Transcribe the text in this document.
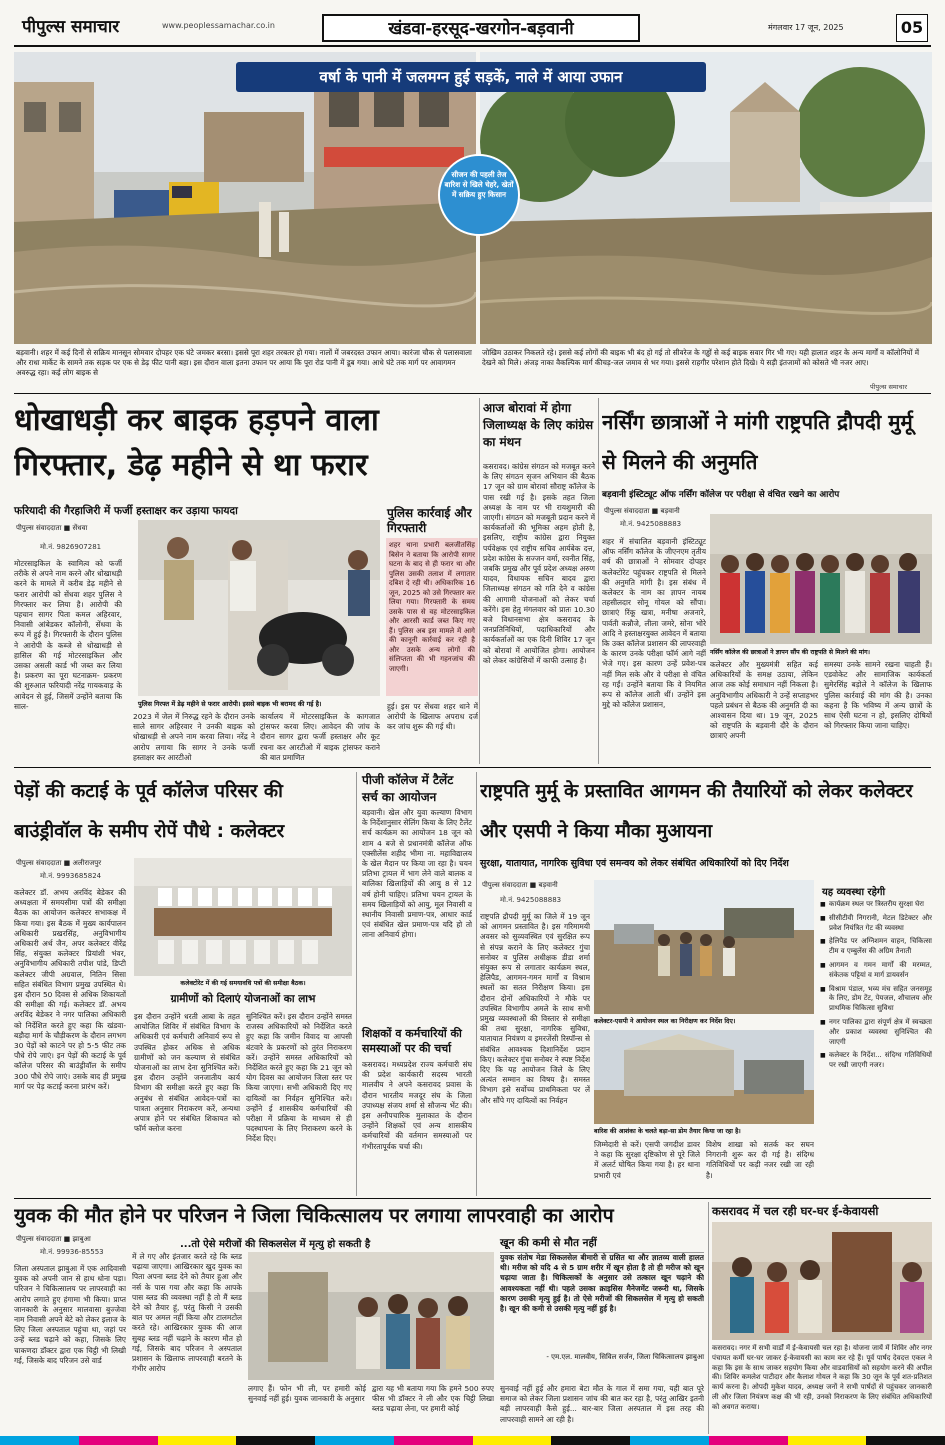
पीपुल्स समाचार	www.peoplessamachar.co.in	खंडवा-हरसूद-खरगोन-बड़वानी	मंगलवार 17 जून, 2025	05
वर्षा के पानी में जलमग्न हुई सड़कें, नाले में आया उफान
सीजन की पहली तेज बारिश से खिले चेहरे, खेतों में सक्रिय हुए किसान
बड़वानी। शहर में कई दिनों से सक्रिय मानसून सोमवार दोपहर एक घंटे जमकर बरसा। इससे पूरा शहर तरबतर हो गया। नालों में जबरदस्त उफान आया। कारंजा चौक से पलासवाला और राधा मार्केट के सामने तक सड़क पर एक से डेढ़ फीट पानी बहा। इस दौरान वाला इतना उफान पर आया कि पूरा रोड पानी में डूब गया। आधे घंटे तक मार्ग पर आवागमन अवरुद्ध रहा। कई लोग बाइक से
जोखिम उठाकर निकलते रहे। इससे कई लोगों की बाइक भी बंद हो गई तो सीवरेज के गड्ढों से कई बाइक सवार गिर भी गए। यही हालात शहर के अन्य मार्गों व कॉलोनियों में देखने को मिले। अंजड़ नाका वैकल्पिक मार्ग कीचड़-जल जमाव से भर गया। इससे राहगीर परेशान होते दिखे। ये सड़ी इंतजामों को कोसते भी नजर आए।
पीपुल्स समाचार
धोखाधड़ी कर बाइक हड़पने वाला गिरफ्तार, डेढ़ महीने से था फरार
फरियादी की गैरहाजिरी में फर्जी हस्ताक्षर कर उड़ाया फायदा
पीपुल्स संवाददाता ■ सेंधवा
मो.नं. 9826907281
मोटरसाइकिल के स्वामित्व को फर्जी तरीके से अपने नाम करने और धोखाधड़ी करने के मामले में करीब डेढ़ महीने से फरार आरोपी को सेंधवा शहर पुलिस ने गिरफ्तार कर लिया है। आरोपी की पहचान सागर पिता कमल अहिरवार, निवासी आंबेडकर कॉलोनी, सेंधवा के रूप में हुई है। गिरफ्तारी के दौरान पुलिस ने आरोपी के कब्जे से धोखाधड़ी से हासिल की गई मोटरसाइकिल और उसका असली कार्ड भी जब्त कर लिया है। प्रकरण का पूरा घटनाक्रम- प्रकरण की शुरुआत फरियादी नरेंद्र गायकवाड़ के आवेदन से हुई, जिसमें उन्होंने बताया कि साल-	पुलिस गिरफ्त में डेढ़ महीने से फरार आरोपी। इससे बाइक भी बरामद की गई है।
2023 में जेल में निरुद्ध रहने के दौरान उनके साले सागर अहिरवार ने उनकी बाइक को धोखाधड़ी से अपने नाम करवा लिया। नरेंद्र ने आरोप लगाया कि सागर ने उनके फर्जी हस्ताक्षर कर आरटीओ
कार्यालय में मोटरसाइकिल के कागजात ट्रांसफर करवा लिए। आवेदन की जांच के दौरान सागर द्वारा फर्जी हस्ताक्षर और कूट रचना कर आरटीओ में बाइक ट्रांसफर कराने की बात प्रमाणित
पुलिस कार्रवाई और गिरफ्तारी
शहर थाना प्रभारी बलजीतसिंह बिसेन ने बताया कि आरोपी सागर घटना के बाद से ही फरार था और पुलिस उसकी तलाश में लगातार दबिश दे रही थी। अधिकारिक 16 जून, 2025 को उसे गिरफ्तार कर लिया गया। गिरफ्तारी के समय उसके पास से वह मोटरसाइकिल और आरसी कार्ड जब्त किए गए हैं। पुलिस अब इस मामले में आगे की कानूनी कार्रवाई कर रही है और उसके अन्य लोगों की संलिप्तता की भी गहनजांच की जाएगी।
हुई। इस पर सेंधवा शहर थाने में आरोपी के खिलाफ अपराध दर्ज कर जांच शुरू की गई थी।
आज बोरावां में होगा जिलाध्यक्ष के लिए कांग्रेस का मंथन
कसरावद। कांग्रेस संगठन को मजबूत करने के लिए संगठन सृजन अभियान की बैठक 17 जून को ग्राम बोरावां सौराष्ट्र कॉलेज के पास रखी गई है। इसके तहत जिला अध्यक्ष के नाम पर भी रायशुमारी की जाएगी। संगठन को मजबूती प्रदान करने में कार्यकर्ताओं की भूमिका अहम होती है, इसलिए, राष्ट्रीय कांग्रेस द्वारा नियुक्त पर्यवेक्षक एवं राष्ट्रीय सचिव आर्यबेक दत्त, प्रदेश कांग्रेस के सज्जन वर्मा, रवनीत सिंह, जबकि प्रमुख और पूर्व प्रदेश अध्यक्ष अरुण यादव, विधायक सचिन बादव द्वारा जिलाध्यक्ष संगठन को गति देने व कांग्रेस की आगामी योजनाओं को लेकर चर्चा करेंगे। इस हेतु मंगलवार को प्रातः 10.30 बजे विधानसभा क्षेत्र कसरावद के जनप्रतिनिधियों, पदाधिकारियों और कार्यकर्ताओं का एक दिनी शिविर 17 जून को बोरावां में आयोजित होगा। आयोजन को लेकर कांग्रेसियों में काफी उत्साह है।
नर्सिंग छात्राओं ने मांगी राष्ट्रपति द्रौपदी मुर्मू से मिलने की अनुमति
बड़वानी इंस्टिट्यूट ऑफ नर्सिंग कॉलेज पर परीक्षा से वंचित रखने का आरोप
पीपुल्स संवाददाता ■ बड़वानी
मो.नं. 9425088883
शहर में संचालित बड़वानी इंस्टिट्यूट ऑफ नर्सिंग कॉलेज के जीएनएम तृतीय वर्ष की छात्राओं ने सोमवार दोपहर कलेक्टोरेट पहुंचकर राष्ट्रपति से मिलने की अनुमति मांगी है। इस संबंध में कलेक्टर के नाम का ज्ञापन नायब तहसीलदार सोनू गोयल को सौंपा। छात्राएं रिंकू खत्रा, मनीषा अजनारे, पार्वती कन्नौजे, लीला जमरे, सोना भोरे आदि ने हस्ताक्षरयुक्त आवेदन में बताया कि उक्त कॉलेज प्रशासन की लापरवाही के कारण उनके परीक्षा फॉर्म आगे नहीं भेजे गए। इस कारण उन्हें प्रवेश-पत्र नहीं मिल सके और वे परीक्षा से वंचित रह गईं। उन्होंने बताया कि वे नियमित रूप से कॉलेज आती थीं। उन्होंने इस मुद्दे को कॉलेज प्रशासन,
नर्सिंग कॉलेज की छात्राओं ने ज्ञापन सौंप की राष्ट्रपति से मिलने की मांग।
कलेक्टर और मुख्यमंत्री सहित कई अधिकारियों के समक्ष उठाया, लेकिन आज तक कोई समाधान नहीं निकला है। अनुविभागीय अधिकारी ने उन्हें सप्ताहभर पहले प्रबंधन से बैठक की अनुमति दी का आश्वासन दिया था। 19 जून, 2025 को राष्ट्रपति के बड़वानी दौरे के दौरान छात्राएं अपनी
समस्या उनके सामने रखना चाहती हैं। एडवोकेट और सामाजिक कार्यकर्ता सुमेरसिंह बड़ोले ने कॉलेज के खिलाफ पुलिस कार्रवाई की मांग की है। उनका कहना है कि भविष्य में अन्य छात्रों के साथ ऐसी घटना न हो, इसलिए दोषियों को गिरफ्तार किया जाना चाहिए।
पेड़ों की कटाई के पूर्व कॉलेज परिसर की बाउंड्रीवॉल के समीप रोपें पौधे : कलेक्टर
पीपुल्स संवाददाता ■ अलीराजपुर
मो.नं. 9993685824
कलेक्टर डॉ. अभय अरविंद बेडेकर की अध्यक्षता में समयसीमा पत्रों की समीक्षा बैठक का आयोजन कलेक्टर सभाकक्ष में किया गया। इस बैठक में मुख्य कार्यपालन अधिकारी प्रखरसिंह, अनुविभागीय अधिकारी अर्थ जैन, अपर कलेक्टर वीरेंद्र सिंह, संयुक्त कलेक्टर प्रियांशी भंवर, अनुविभागीय अधिकारी तपीश पांडे, डिप्टी कलेक्टर जीपी अग्रवाल, नितिन सिसा सहित संबंधित विभाग प्रमुख उपस्थित थे। इस दौरान 50 दिवस से अधिक शिकायतों की समीक्षा की गई। कलेक्टर डॉ. अभय अरविंद बेडेकर ने नगर पालिका अधिकारी को निर्देशित करते हुए कहा कि खंडवा-बड़ौदा मार्ग के चौड़ीकरण के दौरान लगभग 30 पेड़ों को काटने पर हो 5-5 फीट तक पौधे रोपे जाएं। इन पेड़ों की कटाई के पूर्व कॉलेज परिसर की बाउंड्रीवॉल के समीप 300 पौधे रोपे जाएं। उसके बाद ही प्रमुख मार्ग पर पेड़ कटाई करना प्रारंभ करें।
कलेक्टोरेट में की गई समयावधि पत्रों की समीक्षा बैठक।
ग्रामीणों को दिलाएं योजनाओं का लाभ
इस दौरान उन्होंने धरती आबा के तहत आयोजित शिविर में संबंधित विभाग के अधिकारी एवं कर्मचारी अनिवार्य रूप से उपस्थित होकर अधिक से अधिक ग्रामीणों को जन कल्याण से संबंधित योजनाओं का लाभ देना सुनिश्चित करें। इस दौरान उन्होंने जनजातीय कार्य विभाग की समीक्षा करते हुए कहा कि अनुबंध से संबंधित आवेदन-पत्रों का पात्रता अनुसार निराकरण करें, अन्यथा अपात्र होने पर संबंधित शिकायत को फॉर्म क्लोज करना
सुनिश्चित करें। इस दौरान उन्होंने समस्त राजस्व अधिकारियों को निर्देशित करते हुए कहा कि जमीन विवाद या आपसी बंटवारे के प्रकरणों को तुरंत निराकरण करें। उन्होंने समस्त अधिकारियों को निर्देशित करते हुए कहा कि 21 जून को योग दिवस का आयोजन जिला स्तर पर किया जाएगा। सभी अधिकारी दिए गए दायित्वों का निर्वहन सुनिश्चित करें। उन्होंने ई शासकीय कर्मचारियों की परीक्षा में प्रक्रिया के माध्यम से ही पदस्थापना के लिए निराकरण करने के निर्देश दिए।
पीजी कॉलेज में टैलेंट सर्च का आयोजन
बड़वानी। खेल और युवा कल्याण विभाग के निर्देशानुसार सेलिंग किया के लिए टैलेंट सर्च कार्यक्रम का आयोजन 18 जून को शाम 4 बजे से प्रधानमंत्री कॉलेज ऑफ एक्सीलेंस शहीद भीमा ना. महाविद्यालय के खेल मैदान पर किया जा रहा है। चयन प्रतिभा ट्रायल में भाग लेने वाले बालक व बालिका खिलाड़ियों की आयु 8 से 12 वर्ष होनी चाहिए। प्रतिभा चयन ट्रायल के समय खिलाड़ियों को आयु, मूल निवासी व स्थानीय निवासी प्रमाण-पत्र, आधार कार्ड एवं संबंधित खेल प्रमाण-पत्र यदि हो तो लाना अनिवार्य होगा।
शिक्षकों व कर्मचारियों की समस्याओं पर की चर्चा
कसरावद। मध्यप्रदेश राज्य कर्मचारी संघ की प्रदेश कार्यकारी सदस्य भारती मालवीय ने अपने कसरावद प्रवास के दौरान भारतीय मजदूर संघ के जिला उपाध्यक्ष संजय शर्मा से सौजन्य भेंट की। इस अनौपचारिक मुलाकात के दौरान उन्होंने शिक्षकों एवं अन्य शासकीय कर्मचारियों की वर्तमान समस्याओं पर गंभीरतापूर्वक चर्चा की।
राष्ट्रपति मुर्मू के प्रस्तावित आगमन की तैयारियों को लेकर कलेक्टर और एसपी ने किया मौका मुआयना
सुरक्षा, यातायात, नागरिक सुविधा एवं समन्वय को लेकर संबंधित अधिकारियों को दिए निर्देश
पीपुल्स संवाददाता ■ बड़वानी
मो.नं. 9425088883
राष्ट्रपति द्रौपदी मुर्मू का जिले में 19 जून को आगमन प्रस्तावित है। इस गरिमामयी अवसर को सुव्यवस्थित एवं सुरक्षित रूप से संपन्न कराने के लिए कलेक्टर गुंचा सनोबर व पुलिस अधीक्षक डीडा शर्मा संयुक्त रूप से लगातार कार्यक्रम स्थल, हेलिपैड, आगमन-गमन मार्गों व विश्राम स्थलों का सतत निरीक्षण किया। इस दौरान दोनों अधिकारियों ने मौके पर उपस्थित विभागीय अमले के साथ सभी प्रमुख व्यवस्थाओं की विस्तार से समीक्षा की तथा सुरक्षा, नागरिक सुविधा, यातायात नियंत्रण व इमरजेंसी रिस्पॉन्स से संबंधित आवश्यक दिशानिर्देश प्रदान किए। कलेक्टर गुंचा सनोबर ने स्पष्ट निर्देश दिए कि यह आयोजन जिले के लिए अत्यंत सम्मान का विषय है। समस्त विभाग इसे सर्वोच्च प्राथमिकता पर लें और सौंपे गए दायित्वों का निर्वहन
कलेक्टर-एसपी ने आयोजन स्थल का निरीक्षण कर निर्देश दिए।
बारिश की आशंका के चलते बड़ा-सा डोम तैयार किया जा रहा है।
जिम्मेदारी से करें। एसपी जगदीश डावर ने कहा कि सुरक्षा दृष्टिकोण से पूरे जिले में अलर्ट घोषित किया गया है। हर थाना प्रभारी एवं
विशेष शाखा को सतर्क कर सघन निगरानी शुरू कर दी गई है। संदिग्ध गतिविधियों पर कड़ी नजर रखी जा रही है।
यह व्यवस्था रहेगी
■ कार्यक्रम स्थल पर त्रिस्तरीय सुरक्षा घेरा
■ सीसीटीवी निगरानी, मेटल डिटेक्टर और प्रवेश नियंत्रित गेट की व्यवस्था
■ हेलिपैड पर अग्निशमन वाहन, चिकित्सा टीम व एम्बुलेंस की अग्रिम तैनाती
■ आगमन व गमन मार्गों की मरम्मत, संकेतक पट्टियां व मार्ग डायवर्सन
■ विश्राम पंडाल, भव्य मंच सहित जनसमूह के लिए, डोम टेंट, पेयजल, शौचालय और प्राथमिक चिकित्सा सुविधा
■ नगर पालिका द्वारा संपूर्ण क्षेत्र में स्वच्छता और प्रकाश व्यवस्था सुनिश्चित की जाएगी
■ कलेक्टर के निर्देश... संदिग्ध गतिविधियों पर रखी जाएगी नजर।
युवक की मौत होने पर परिजन ने जिला चिकित्सालय पर लगाया लापरवाही का आरोप
...तो ऐसे मरीजों की सिकलसेल में मृत्यु हो सकती है
पीपुल्स संवाददाता ■ झाबुआ
मो.नं. 99936-85553
जिला अस्पताल झाबुआ में एक आदिवासी युवक को अपनी जान से हाथ धोना पड़ा। परिजन ने चिकित्सालय पर लापरवाही का आरोप लगाते हुए हंगामा भी किया। प्राप्त जानकारी के अनुसार मालवासा बुज्जेवा नाम निवासी अपने बेटे को लेकर इलाज के लिए जिला अस्पताल पहुंचा था, जहां पर उन्हें ब्लड चढ़ाने को कहा, जिसके लिए चाकणदा डॉक्टर द्वारा एक चिट्ठी भी लिखी गई, जिसके बाद परिजन उसे वार्ड
में ले गए और इंतजार करते रहे कि ब्लड चढ़ाया जाएगा। आखिरकार खुद युवक का पिता अपना ब्लड देने को तैयार हुआ और नर्स के पास गया और कहा कि आपके पास ब्लड की व्यवस्था नहीं है तो मैं ब्लड देने को तैयार हूं, परंतु किसी ने उसकी बात पर अमल नहीं किया और टालमटोल करते रहे। आखिरकार युवक की आज सुबह ब्लड नहीं चढ़ाने के कारण मौत हो गई, जिसके बाद परिजन ने अस्पताल प्रशासन के खिलाफ लापरवाही बरतने के गंभीर आरोप
लगाए हैं। फोन भी ली, पर हमारी कोई सुनवाई नहीं हुई। युवक जानकारी के अनुसार
द्वारा यह भी बताया गया कि हमने 500 रुपए फीस भी डॉक्टर ने ली और एक चिट्ठी लिखा ब्लड चढ़ावा लेना, पर हमारी कोई
खून की कमी से मौत नहीं
युवक संतोष मेडा सिकलसेल बीमारी से ग्रसित था और ज्ञातव्य वाली हालत थी। मरीज को यदि 4 से 5 ग्राम शरीर में खून होता है तो ही मरीज को खून चढ़ाया जाता है। चिकित्सकों के अनुसार उसे तत्काल खून चढ़ाने की आवश्यकता नहीं थी। पहले उसका क्राइसिस मैनेजमेंट जरूरी था, जिसके कारण उसकी मृत्यु हुई है। तो ऐसे मरीजों की सिकलसेल में मृत्यु हो सकती है। खून की कमी से उसकी मृत्यु नहीं हुई है।
- एम.एल. मालवीय, सिविल सर्जन, जिला चिकित्सालय झाबुआ
सुनवाई नहीं हुई और हमारा बेटा मौत के गाल में समा गया, यही बात पूरे समाज को लेकर जिला प्रशासन जांच की बात कर रहा है, परंतु आखिर इतनी बड़ी लापरवाही कैसे हुई... बार-बार जिला अस्पताल में इस तरह की लापरवाही सामने आ रही है।
कसरावद में चल रही घर-घर ई-केवायसी
कसरावद। नगर में सभी वार्डों में ई-केवायसी चल रहा है। योजना जायें में शिविर और नगर पंचायत कर्मी घर-घर जाकर ई-केवायसी का काम कर रहे हैं। पूर्व पार्षद देवदत्त एकल ने कहा कि इस के साथ जाकर सहयोग किया और वाडवासियों को सहयोग करने की अपील की। शिविर कमलेश पाटीदार और कैलाश गोयल ने कहा कि 30 जून के पूर्व शत-प्रतिशत कार्य करना है। ओपदी मुकेश यादव, अध्यक्ष जनों ने सभी पार्षदों से पहुंचकर जानकारी ली और जिला नियंत्रण कक्ष की भी रही, उनको निराकरण के लिए संबंधित अधिकारियों को अवगत कराया।
